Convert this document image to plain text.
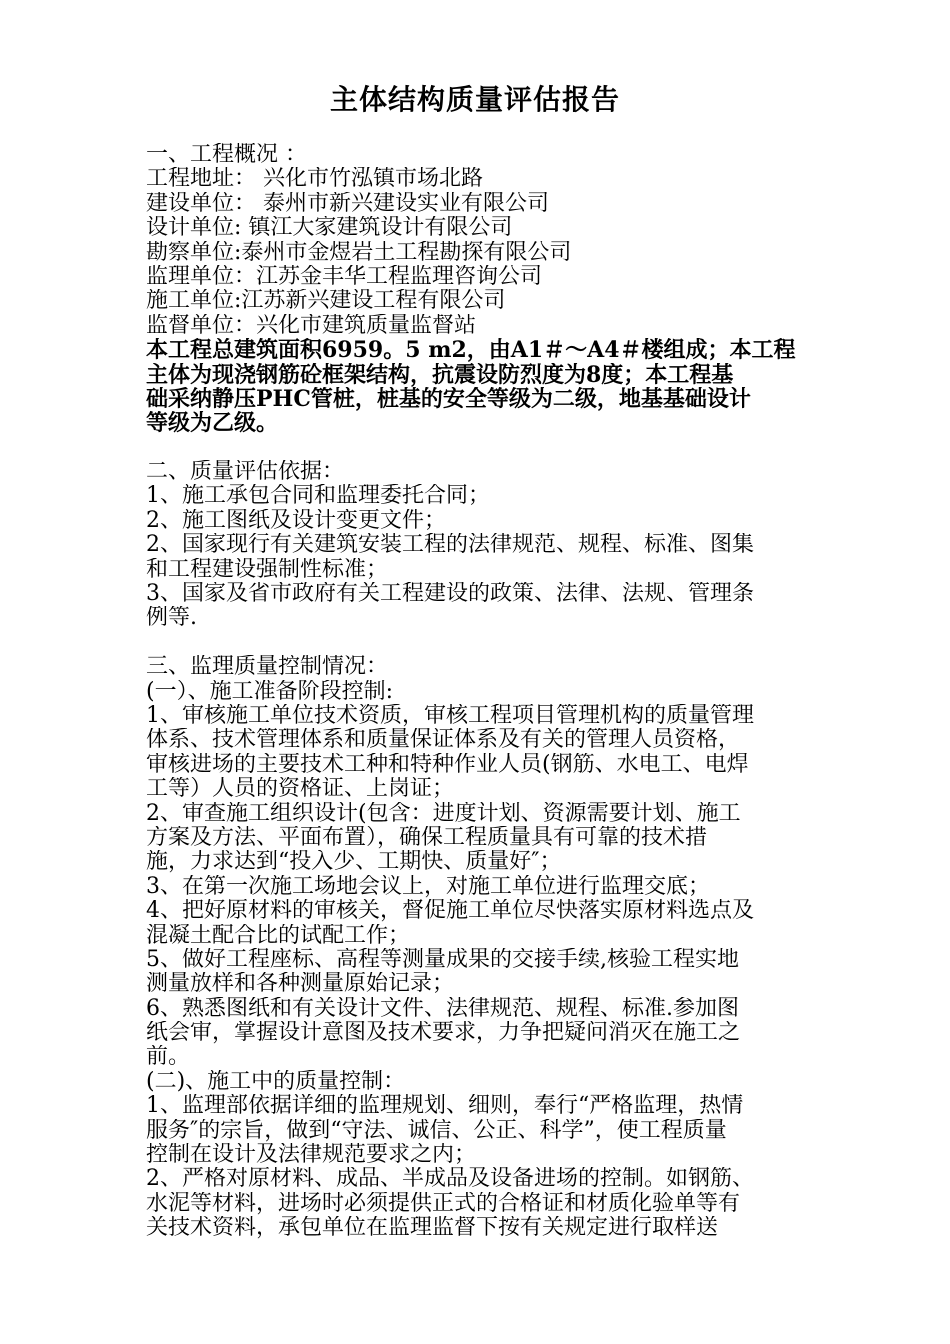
主体结构质量评估报告
一、工程概况 ：
工程地址： 兴化市竹泓镇市场北路
建设单位： 泰州市新兴建设实业有限公司
设计单位: 镇江大家建筑设计有限公司
勘察单位:泰州市金煜岩土工程勘探有限公司
监理单位：江苏金丰华工程监理咨询公司
施工单位:江苏新兴建设工程有限公司
监督单位：兴化市建筑质量监督站
本工程总建筑面积6959。5 m2，由A1＃～A4＃楼组成；本工程
主体为现浇钢筋砼框架结构，抗震设防烈度为8度；本工程基
础采纳静压PHC管桩，桩基的安全等级为二级，地基基础设计
等级为乙级。
二、质量评估依据：
1、施工承包合同和监理委托合同；
2、施工图纸及设计变更文件；
2、国家现行有关建筑安装工程的法律规范、规程、标准、图集
和工程建设强制性标准；
3、国家及省市政府有关工程建设的政策、法律、法规、管理条
例等.
三、监理质量控制情况：
(一）、施工准备阶段控制:
1、审核施工单位技术资质，审核工程项目管理机构的质量管理
体系、技术管理体系和质量保证体系及有关的管理人员资格，
审核进场的主要技术工种和特种作业人员(钢筋、水电工、电焊
工等）人员的资格证、上岗证；
2、审查施工组织设计(包含：进度计划、资源需要计划、施工
方案及方法、平面布置），确保工程质量具有可靠的技术措
施，力求达到“投入少、工期快、质量好″；
3、在第一次施工场地会议上，对施工单位进行监理交底；
4、把好原材料的审核关，督促施工单位尽快落实原材料选点及
混凝土配合比的试配工作；
5、做好工程座标、高程等测量成果的交接手续,核验工程实地
测量放样和各种测量原始记录；
6、熟悉图纸和有关设计文件、法律规范、规程、标准.参加图
纸会审，掌握设计意图及技术要求，力争把疑问消灭在施工之
前。
(二)、施工中的质量控制：
1、监理部依据详细的监理规划、细则，奉行“严格监理，热情
服务″的宗旨，做到“守法、诚信、公正、科学”，使工程质量
控制在设计及法律规范要求之内；
2、严格对原材料、成品、半成品及设备进场的控制。如钢筋、
水泥等材料，进场时必须提供正式的合格证和材质化验单等有
关技术资料，承包单位在监理监督下按有关规定进行取样送
